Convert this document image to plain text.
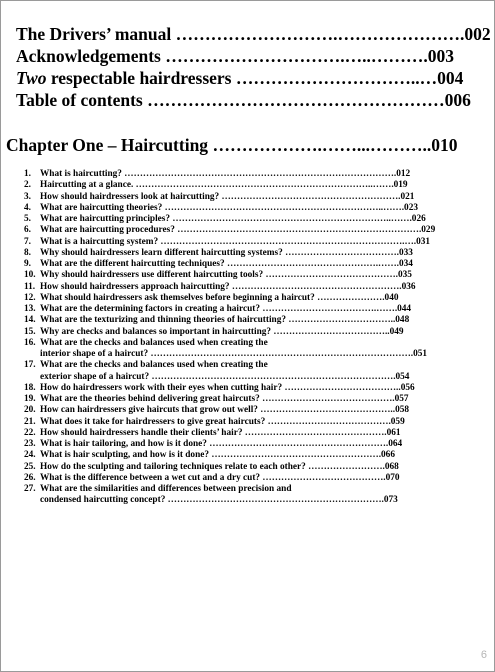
The Drivers’ manual ……………………….………………….002
Acknowledgements ………………………….…..……….003
Two respectable hairdressers …………………………..…004
Table of contents ……………………………………………006
Chapter One – Haircutting ……………….……...………..010
1. What is haircutting? …………………………………………………………………………….012
2. Haircutting at a glance. …………………………………………………………………..…….019
3. How should hairdressers look at haircutting? ………………………………………………….021
4. What are haircutting theories? ……………………………………………………………..…….023
5. What are haircutting principles? ……………………………………………………………..…….026
6. What are haircutting procedures? …………………………………………………………………….029
7. What is a haircutting system? …………………………………………………………………….….031
8. Why should hairdressers learn different haircutting systems? ……………………………….033
9. What are the different haircutting techniques? ………………………………………….…….034
10. Why should hairdressers use different haircutting tools? …………………………………….035
11. How should hairdressers approach haircutting? ……………………………………………….036
12. What should hairdressers ask themselves before beginning a haircut? ………………….040
13. What are the determining factors in creating a haircut? ……………………………….…….044
14. What are the texturizing and thinning theories of haircutting? ……………………………..048
15. Why are checks and balances so important in haircutting? ………………………………..049
16. What are the checks and balances used when creating the
interior shape of a haircut? ………………………………………………………………………….051
17. What are the checks and balances used when creating the
exterior shape of a haircut? …………………………………………………………………….054
18. How do hairdressers work with their eyes when cutting hair? ………………………………..056
19. What are the theories behind delivering great haircuts? …………………………………….057
20. How can hairdressers give haircuts that grow out well? ……………………………………..058
21. What does it take for hairdressers to give great haircuts? ………………………………….059
22. How should hairdressers handle their clients’ hair? ……………………………………….061
23. What is hair tailoring, and how is it done? ………………………………………………….064
24. What is hair sculpting, and how is it done? ……………………………………………….066
25. How do the sculpting and tailoring techniques relate to each other? …………………….068
26. What is the difference between a wet cut and a dry cut? ………………………………….070
27. What are the similarities and differences between precision and
condensed haircutting concept? …………………………………………………………….073
6
